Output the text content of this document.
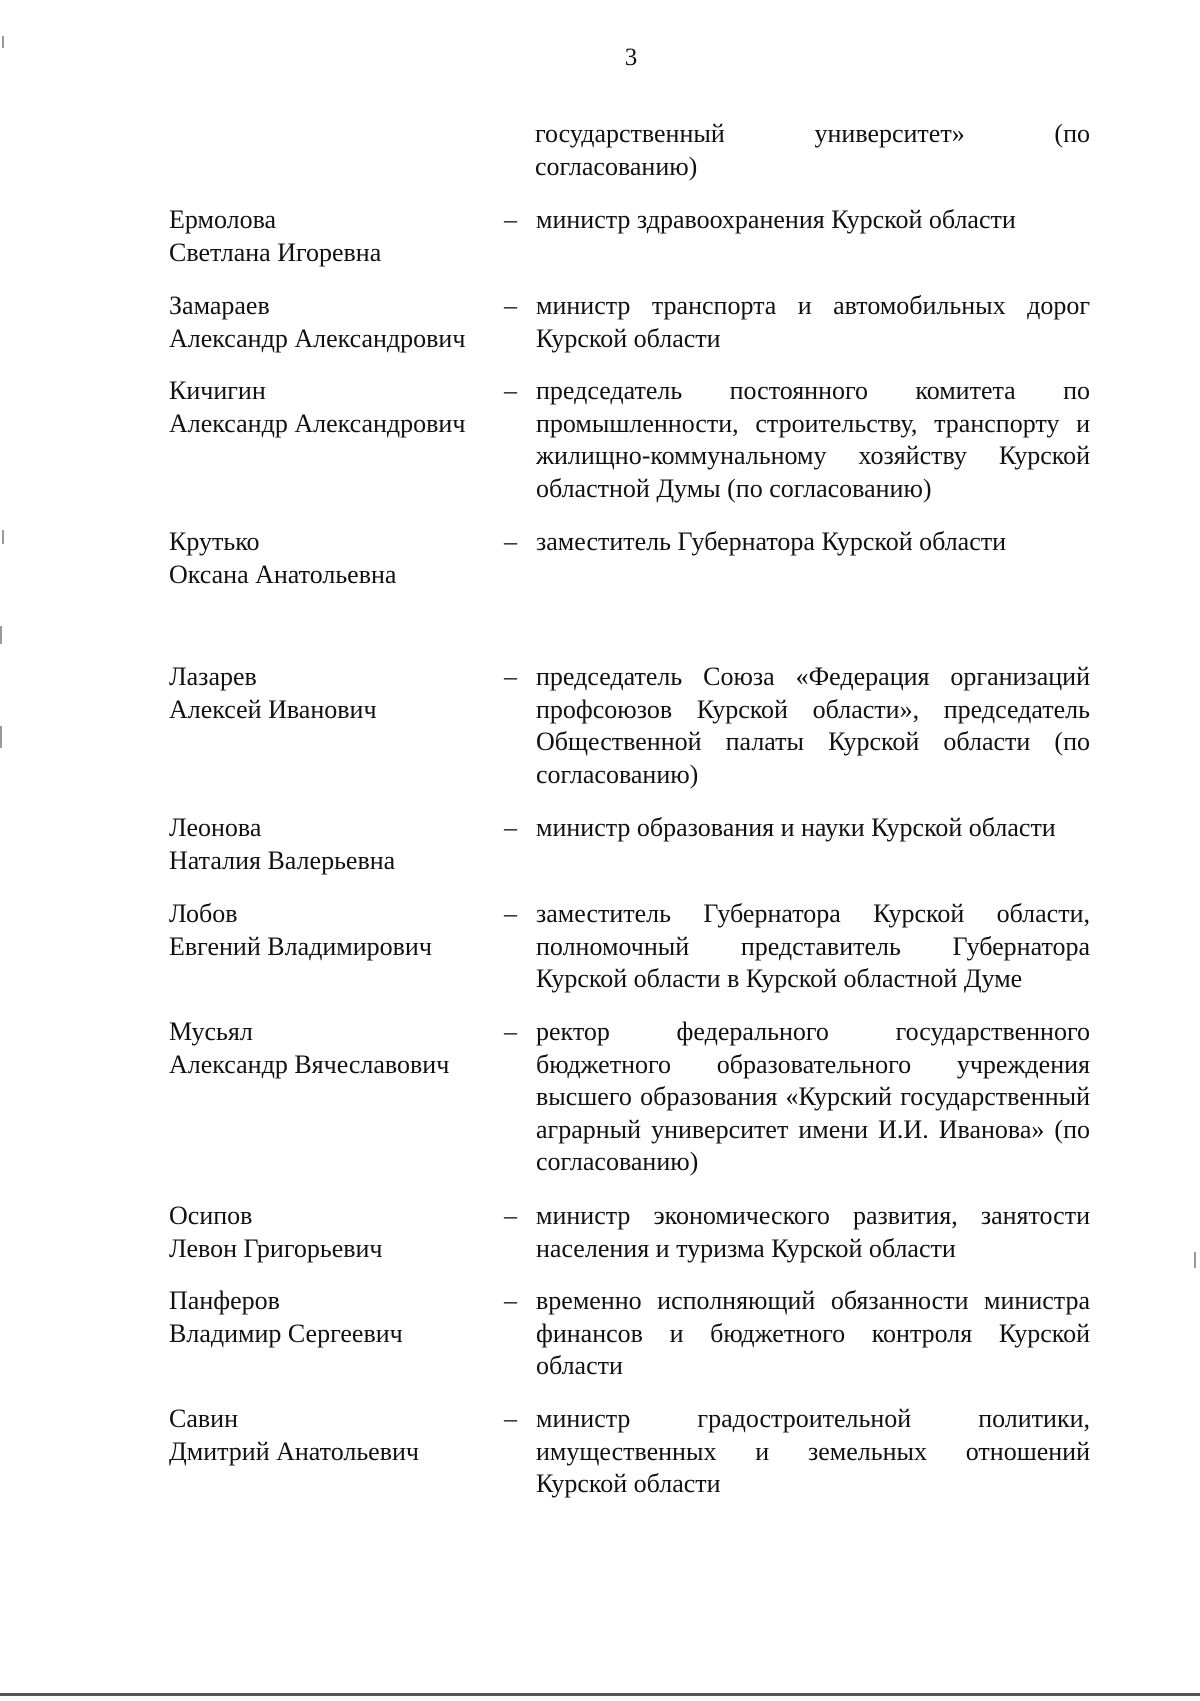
3
государственный университет» (по согласованию)
Ермолова
Светлана Игоревна
– министр здравоохранения Курской области
Замараев
Александр Александрович
– министр транспорта и автомобильных дорог Курской области
Кичигин
Александр Александрович
– председатель постоянного комитета по промышленности, строительству, транспорту и жилищно-коммунальному хозяйству Курской областной Думы (по согласованию)
Крутько
Оксана Анатольевна
– заместитель Губернатора Курской области
Лазарев
Алексей Иванович
– председатель Союза «Федерация организаций профсоюзов Курской области», председатель Общественной палаты Курской области (по согласованию)
Леонова
Наталия Валерьевна
– министр образования и науки Курской области
Лобов
Евгений Владимирович
– заместитель Губернатора Курской области, полномочный представитель Губернатора Курской области в Курской областной Думе
Мусьял
Александр Вячеславович
– ректор федерального государственного бюджетного образовательного учреждения высшего образования «Курский государственный аграрный университет имени И.И. Иванова» (по согласованию)
Осипов
Левон Григорьевич
– министр экономического развития, занятости населения и туризма Курской области
Панферов
Владимир Сергеевич
– временно исполняющий обязанности министра финансов и бюджетного контроля Курской области
Савин
Дмитрий Анатольевич
– министр градостроительной политики, имущественных и земельных отношений Курской области
